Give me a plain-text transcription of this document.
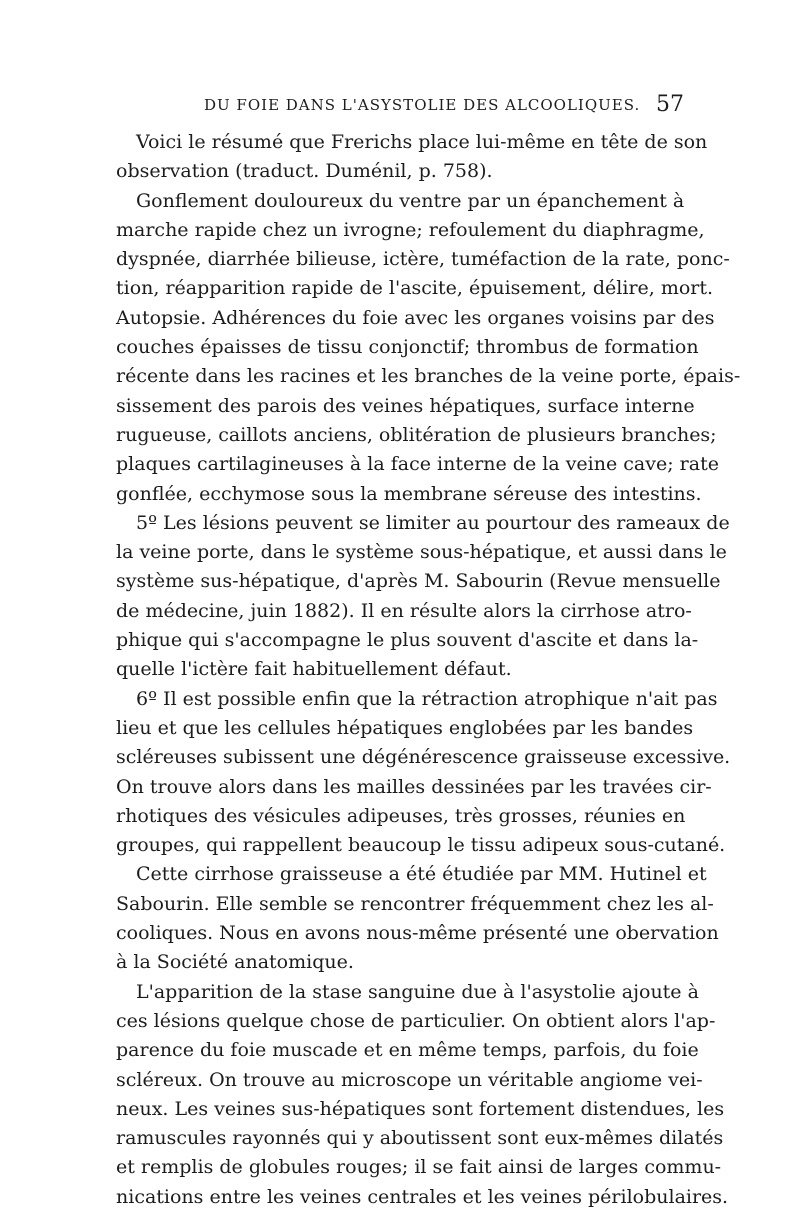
DU FOIE DANS L'ASYSTOLIE DES ALCOOLIQUES. 57
Voici le résumé que Frerichs place lui-même en tête de son
observation (traduct. Duménil, p. 758).
Gonflement douloureux du ventre par un épanchement à
marche rapide chez un ivrogne; refoulement du diaphragme,
dyspnée, diarrhée bilieuse, ictère, tuméfaction de la rate, ponc-
tion, réapparition rapide de l'ascite, épuisement, délire, mort.
Autopsie. Adhérences du foie avec les organes voisins par des
couches épaisses de tissu conjonctif; thrombus de formation
récente dans les racines et les branches de la veine porte, épais-
sissement des parois des veines hépatiques, surface interne
rugueuse, caillots anciens, oblitération de plusieurs branches;
plaques cartilagineuses à la face interne de la veine cave; rate
gonflée, ecchymose sous la membrane séreuse des intestins.
5º Les lésions peuvent se limiter au pourtour des rameaux de
la veine porte, dans le système sous-hépatique, et aussi dans le
système sus-hépatique, d'après M. Sabourin (Revue mensuelle
de médecine, juin 1882). Il en résulte alors la cirrhose atro-
phique qui s'accompagne le plus souvent d'ascite et dans la-
quelle l'ictère fait habituellement défaut.
6º Il est possible enfin que la rétraction atrophique n'ait pas
lieu et que les cellules hépatiques englobées par les bandes
scléreuses subissent une dégénérescence graisseuse excessive.
On trouve alors dans les mailles dessinées par les travées cir-
rhotiques des vésicules adipeuses, très grosses, réunies en
groupes, qui rappellent beaucoup le tissu adipeux sous-cutané.
Cette cirrhose graisseuse a été étudiée par MM. Hutinel et
Sabourin. Elle semble se rencontrer fréquemment chez les al-
cooliques. Nous en avons nous-même présenté une obervation
à la Société anatomique.
L'apparition de la stase sanguine due à l'asystolie ajoute à
ces lésions quelque chose de particulier. On obtient alors l'ap-
parence du foie muscade et en même temps, parfois, du foie
scléreux. On trouve au microscope un véritable angiome vei-
neux. Les veines sus-hépatiques sont fortement distendues, les
ramuscules rayonnés qui y aboutissent sont eux-mêmes dilatés
et remplis de globules rouges; il se fait ainsi de larges commu-
nications entre les veines centrales et les veines périlobulaires.
